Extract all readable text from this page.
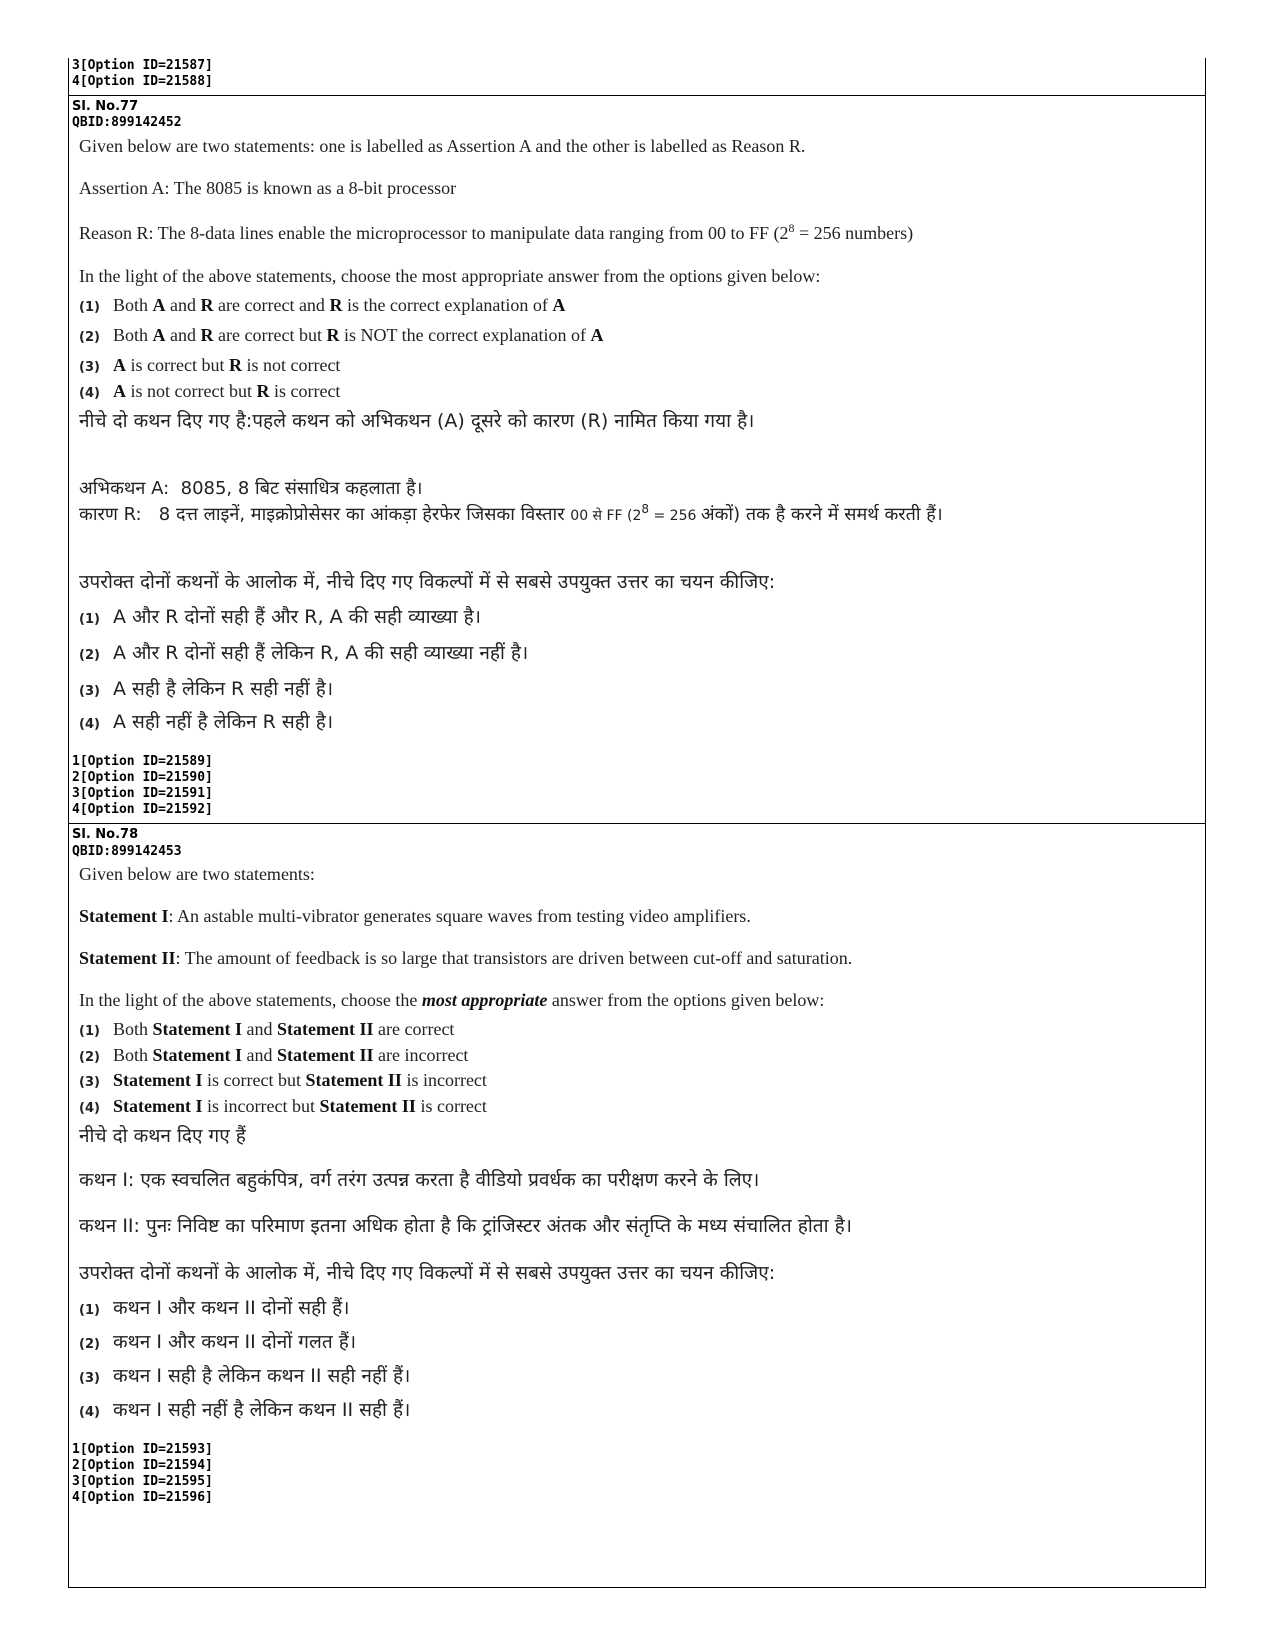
3[Option ID=21587]
4[Option ID=21588]
Sl. No.77
QBID:899142452
Given below are two statements: one is labelled as Assertion A and the other is labelled as Reason R.
Assertion A: The 8085 is known as a 8-bit processor
Reason R: The 8-data lines enable the microprocessor to manipulate data ranging from 00 to FF ($2^8 = 256$ numbers)
In the light of the above statements, choose the most appropriate answer from the options given below:
(1) Both A and R are correct and R is the correct explanation of A
(2) Both A and R are correct but R is NOT the correct explanation of A
(3) A is correct but R is not correct
(4) A is not correct but R is correct
नीचे दो कथन दिए गए है:पहले कथन को अभिकथन (A) दूसरे को कारण (R) नामित किया गया है।
अभिकथन A: 8085, 8 बिट संसाधित्र कहलाता है।
कारण R: 8 दत्त लाइनें, माइक्रोप्रोसेसर का आंकड़ा हेरफेर जिसका विस्तार 00 से FF ($2^8 = 256$ अंकों) तक है करने में समर्थ करती हैं।
उपरोक्त दोनों कथनों के आलोक में, नीचे दिए गए विकल्पों में से सबसे उपयुक्त उत्तर का चयन कीजिए:
(1) A और R दोनों सही हैं और R, A की सही व्याख्या है।
(2) A और R दोनों सही हैं लेकिन R, A की सही व्याख्या नहीं है।
(3) A सही है लेकिन R सही नहीं है।
(4) A सही नहीं है लेकिन R सही है।
1[Option ID=21589]
2[Option ID=21590]
3[Option ID=21591]
4[Option ID=21592]
Sl. No.78
QBID:899142453
Given below are two statements:
Statement I: An astable multi-vibrator generates square waves from testing video amplifiers.
Statement II: The amount of feedback is so large that transistors are driven between cut-off and saturation.
In the light of the above statements, choose the most appropriate answer from the options given below:
(1) Both Statement I and Statement II are correct
(2) Both Statement I and Statement II are incorrect
(3) Statement I is correct but Statement II is incorrect
(4) Statement I is incorrect but Statement II is correct
नीचे दो कथन दिए गए हैं
कथन I: एक स्वचलित बहुकंपित्र, वर्ग तरंग उत्पन्न करता है वीडियो प्रवर्धक का परीक्षण करने के लिए।
कथन II: पुनः निविष्ट का परिमाण इतना अधिक होता है कि ट्रांजिस्टर अंतक और संतृप्ति के मध्य संचालित होता है।
उपरोक्त दोनों कथनों के आलोक में, नीचे दिए गए विकल्पों में से सबसे उपयुक्त उत्तर का चयन कीजिए:
(1) कथन I और कथन II दोनों सही हैं।
(2) कथन I और कथन II दोनों गलत हैं।
(3) कथन I सही है लेकिन कथन II सही नहीं हैं।
(4) कथन I सही नहीं है लेकिन कथन II सही हैं।
1[Option ID=21593]
2[Option ID=21594]
3[Option ID=21595]
4[Option ID=21596]
